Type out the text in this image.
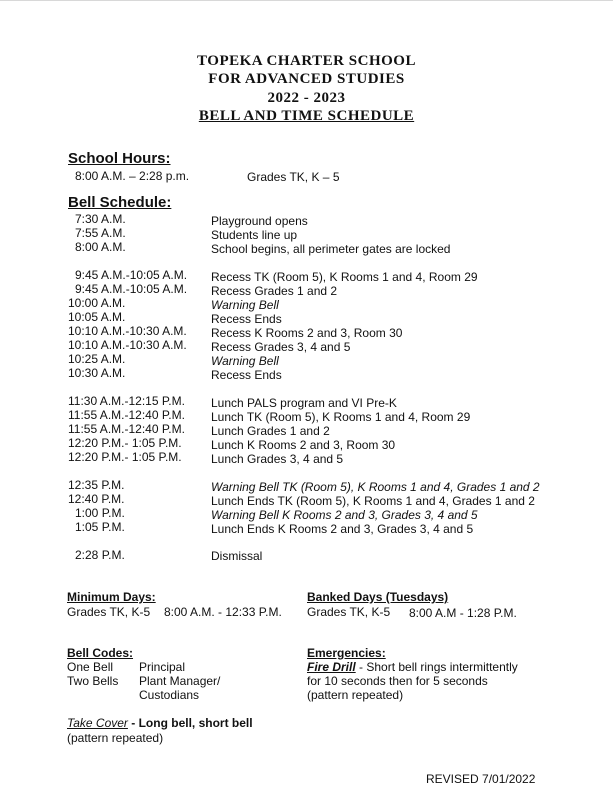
TOPEKA CHARTER SCHOOL
FOR ADVANCED STUDIES
2022 - 2023
BELL AND TIME SCHEDULE
School Hours:
8:00 A.M. – 2:28 p.m.	Grades TK, K – 5
Bell Schedule:
7:30 A.M.	Playground opens
7:55 A.M.	Students line up
8:00 A.M.	School begins, all perimeter gates are locked
9:45 A.M.-10:05 A.M. Recess TK (Room 5), K Rooms 1 and 4, Room 29
9:45 A.M.-10:05 A.M. Recess Grades 1 and 2
10:00 A.M.	Warning Bell
10:05 A.M.	Recess Ends
10:10 A.M.-10:30 A.M. Recess K Rooms 2 and 3, Room 30
10:10 A.M.-10:30 A.M. Recess Grades 3, 4 and 5
10:25 A.M.	Warning Bell
10:30 A.M.	Recess Ends
11:30 A.M.-12:15 P.M. Lunch PALS program and VI Pre-K
11:55 A.M.-12:40 P.M. Lunch TK (Room 5), K Rooms 1 and 4, Room 29
11:55 A.M.-12:40 P.M. Lunch Grades 1 and 2
12:20 P.M.- 1:05 P.M. Lunch K Rooms 2 and 3, Room 30
12:20 P.M.- 1:05 P.M. Lunch Grades 3, 4 and 5
12:35 P.M.	Warning Bell TK (Room 5), K Rooms 1 and 4, Grades 1 and 2
12:40 P.M.	Lunch Ends TK (Room 5), K Rooms 1 and 4, Grades 1 and 2
1:00 P.M.	Warning Bell K Rooms 2 and 3, Grades 3, 4 and 5
1:05 P.M.	Lunch Ends K Rooms 2 and 3, Grades 3, 4 and 5
2:28 P.M.	Dismissal
Minimum Days:
Grades TK, K-5 8:00 A.M. - 12:33 P.M.
Banked Days (Tuesdays)
Grades TK, K-5 8:00 A.M - 1:28 P.M.
Bell Codes:
One Bell Principal
Two Bells Plant Manager/
Custodians
Emergencies:
Fire Drill - Short bell rings intermittently
for 10 seconds then for 5 seconds
(pattern repeated)
Take Cover - Long bell, short bell
(pattern repeated)
REVISED 7/01/2022
